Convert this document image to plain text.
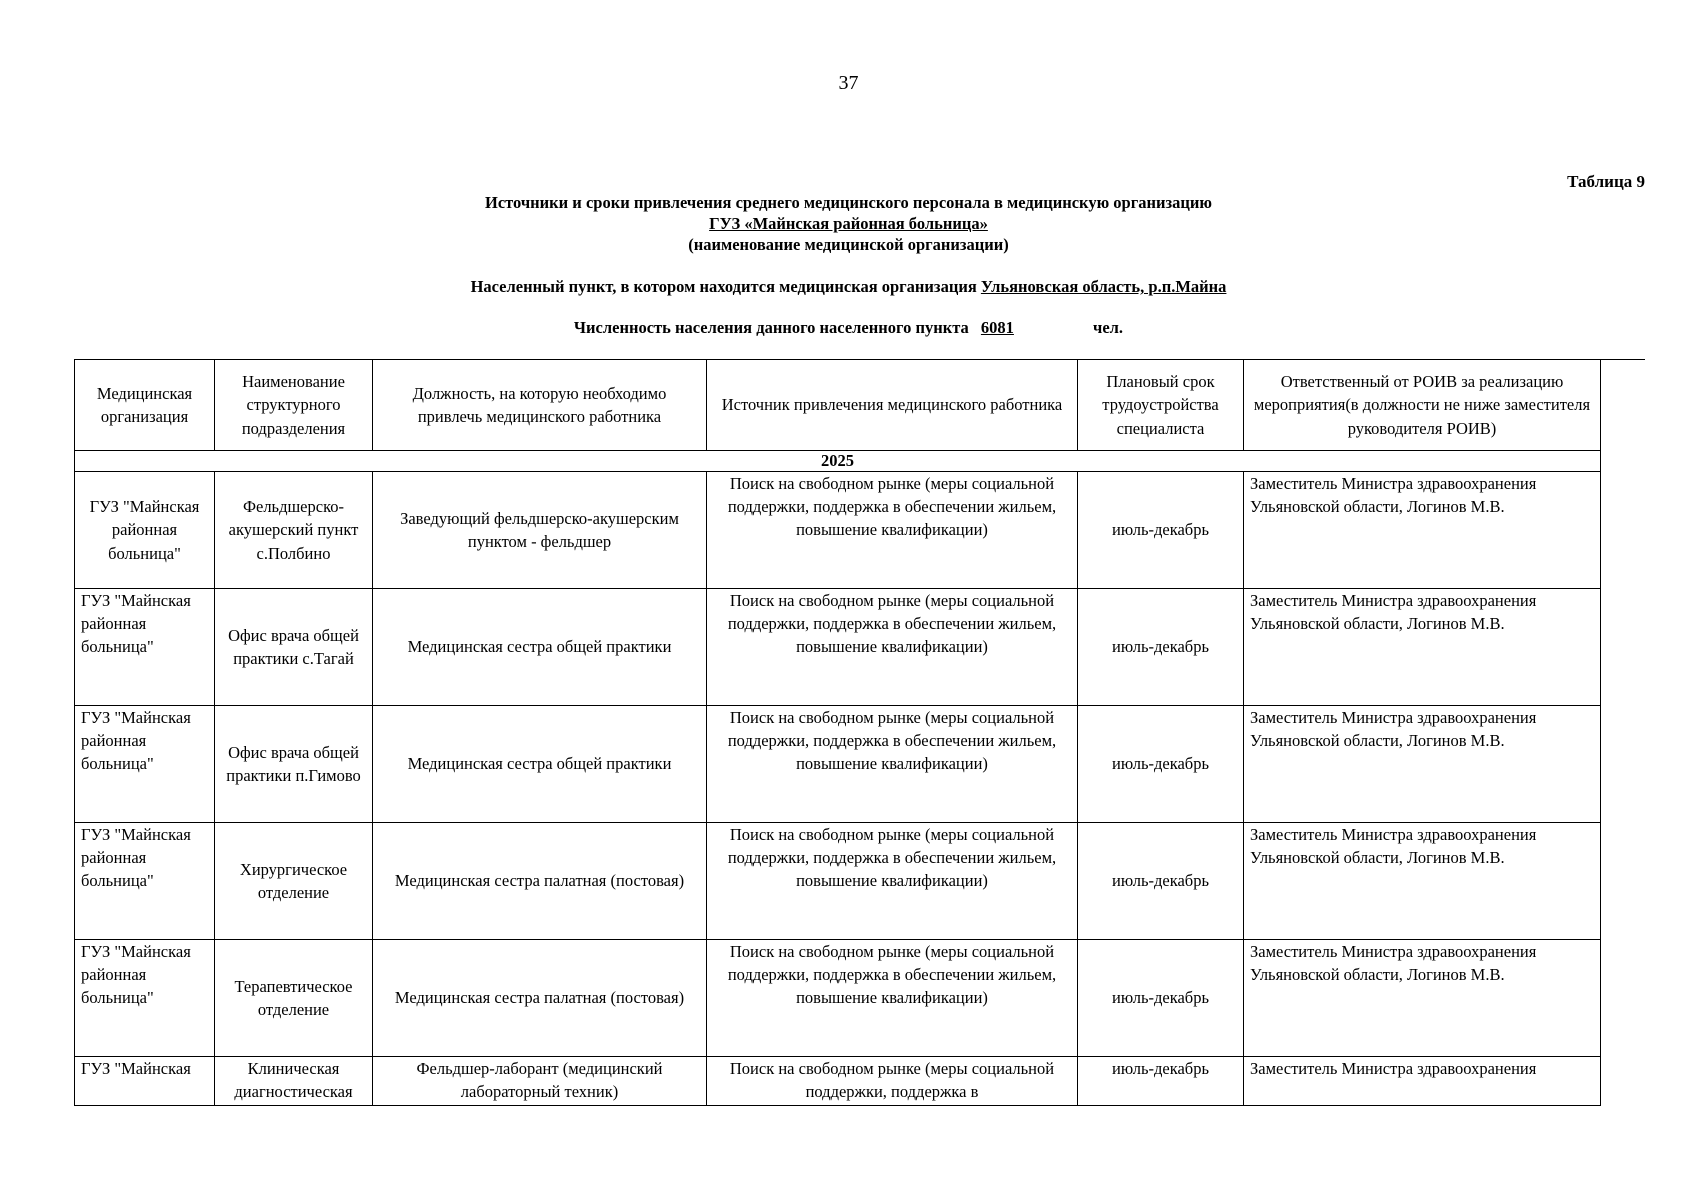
37
Таблица 9
Источники и сроки привлечения среднего медицинского персонала в медицинскую организацию
ГУЗ «Майнская районная больница»
(наименование медицинской организации)
Населенный пункт, в котором находится медицинская организация Ульяновская область, р.п.Майна
Численность населения данного населенного пункта 6081	чел.
Медицинская организация	Наименование структурного подразделения	Должность, на которую необходимо привлечь медицинского работника	Источник привлечения медицинского работника	Плановый срок трудоустройства специалиста	Ответственный от РОИВ за реализацию мероприятия(в должности не ниже заместителя руководителя РОИВ)
2025					
ГУЗ "Майнская районная больница"	Фельдшерско-акушерский пункт с.Полбино	Заведующий фельдшерско-акушерским пунктом - фельдшер	Поиск на свободном рынке (меры социальной поддержки, поддержка в обеспечении жильем, повышение квалификации)	июль-декабрь	Заместитель Министра здравоохранения Ульяновской области, Логинов М.В.
ГУЗ "Майнская районная больница"	Офис врача общей практики с.Тагай	Медицинская сестра общей практики	Поиск на свободном рынке (меры социальной поддержки, поддержка в обеспечении жильем, повышение квалификации)	июль-декабрь	Заместитель Министра здравоохранения Ульяновской области, Логинов М.В.
ГУЗ "Майнская районная больница"	Офис врача общей практики п.Гимово	Медицинская сестра общей практики	Поиск на свободном рынке (меры социальной поддержки, поддержка в обеспечении жильем, повышение квалификации)	июль-декабрь	Заместитель Министра здравоохранения Ульяновской области, Логинов М.В.
ГУЗ "Майнская районная больница"	Хирургическое отделение	Медицинская сестра палатная (постовая)	Поиск на свободном рынке (меры социальной поддержки, поддержка в обеспечении жильем, повышение квалификации)	июль-декабрь	Заместитель Министра здравоохранения Ульяновской области, Логинов М.В.
ГУЗ "Майнская районная больница"	Терапевтическое отделение	Медицинская сестра палатная (постовая)	Поиск на свободном рынке (меры социальной поддержки, поддержка в обеспечении жильем, повышение квалификации)	июль-декабрь	Заместитель Министра здравоохранения Ульяновской области, Логинов М.В.
ГУЗ "Майнская	Клиническая диагностическая	Фельдшер-лаборант (медицинский лабораторный техник)	Поиск на свободном рынке (меры социальной поддержки, поддержка в	июль-декабрь	Заместитель Министра здравоохранения
